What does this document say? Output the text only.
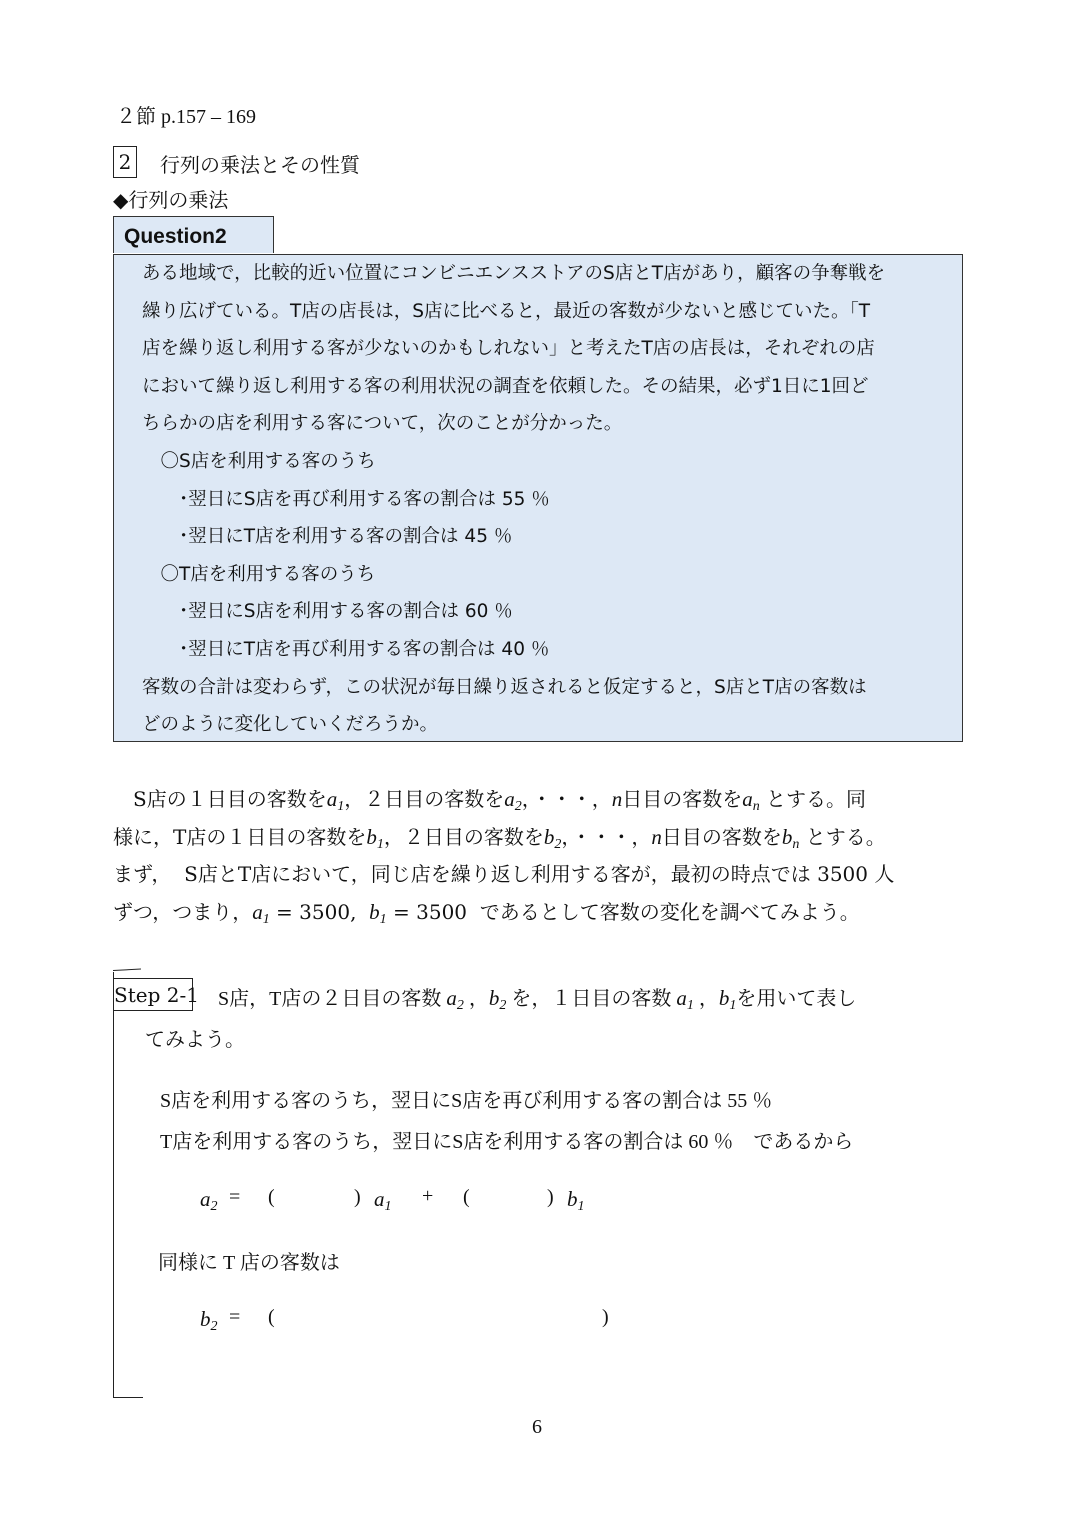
２節 p.157 – 169
2 行列の乗法とその性質
◆行列の乗法
Question2
ある地域で，比較的近い位置にコンビニエンスストアのS店とT店があり，顧客の争奪戦を
繰り広げている。T店の店長は，S店に比べると，最近の客数が少ないと感じていた。「T
店を繰り返し利用する客が少ないのかもしれない」と考えたT店の店長は，それぞれの店
において繰り返し利用する客の利用状況の調査を依頼した。その結果，必ず1日に1回ど
ちらかの店を利用する客について，次のことが分かった。
　〇S店を利用する客のうち
　　･翌日にS店を再び利用する客の割合は 55 ％
　　･翌日にT店を利用する客の割合は 45 ％
　〇T店を利用する客のうち
　　･翌日にS店を利用する客の割合は 60 ％
　　･翌日にT店を再び利用する客の割合は 40 ％
客数の合計は変わらず，この状況が毎日繰り返されると仮定すると，S店とT店の客数は
どのように変化していくだろうか。
　S店の１日目の客数を$a_1$，２日目の客数を$a_2$，・・・，n日目の客数を$a_n$ とする。同
様に，T店の１日目の客数を$b_1$，２日目の客数を$b_2$，・・・，n日目の客数を$b_n$ とする。
まず，  S店とT店において，同じ店を繰り返し利用する客が，最初の時点では 3500 人
ずつ，つまり，$a_1 = 3500$,  $b_1 = 3500$  であるとして客数の変化を調べてみよう。
Step 2-1 S店，T店の２日目の客数 $a_2$ ，$b_2$ を，１日目の客数 $a_1$ ，$b_1$を用いて表し
てみよう。
S店を利用する客のうち，翌日にS店を再び利用する客の割合は 55 ％
T店を利用する客のうち，翌日にS店を利用する客の割合は 60 ％　であるから
$a_2$ = (	) $a_1$ + (	) $b_1$
同様に T 店の客数は
$b_2$ = (	)
6
